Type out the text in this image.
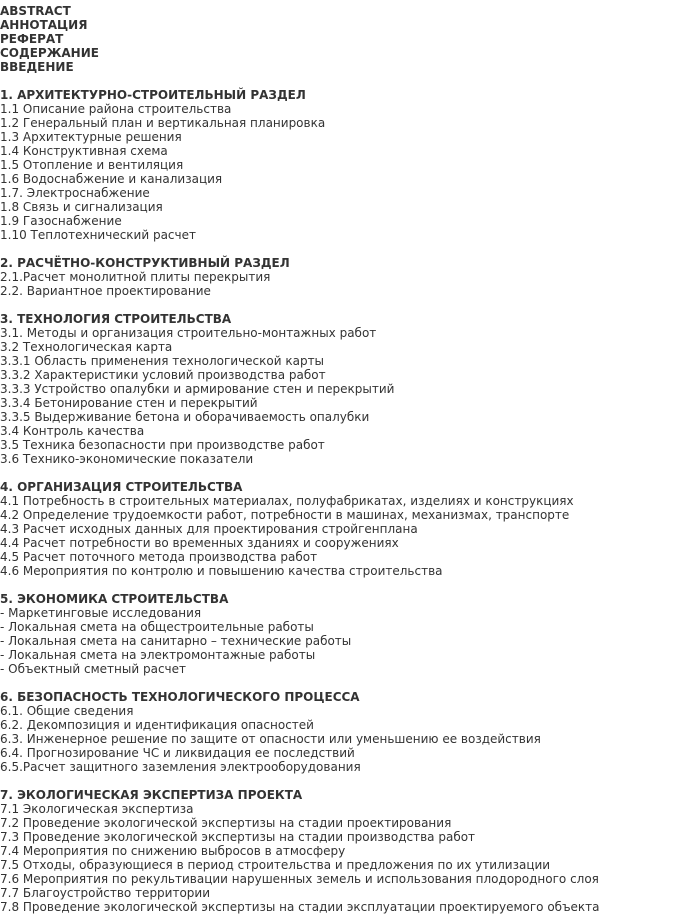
ABSTRACT
АННОТАЦИЯ
РЕФЕРАТ
СОДЕРЖАНИЕ
ВВЕДЕНИЕ
1. АРХИТЕКТУРНО-СТРОИТЕЛЬНЫЙ РАЗДЕЛ
1.1 Описание района строительства
1.2 Генеральный план и вертикальная планировка
1.3 Архитектурные решения
1.4 Конструктивная схема
1.5 Отопление и вентиляция
1.6 Водоснабжение и канализация
1.7. Электроснабжение
1.8 Связь и сигнализация
1.9 Газоснабжение
1.10 Теплотехнический расчет
2. РАСЧЁТНО-КОНСТРУКТИВНЫЙ РАЗДЕЛ
2.1.Расчет монолитной плиты перекрытия
2.2. Вариантное проектирование
3. ТЕХНОЛОГИЯ СТРОИТЕЛЬСТВА
3.1. Методы и организация строительно-монтажных работ
3.2 Технологическая карта
3.3.1 Область применения технологической карты
3.3.2 Характеристики условий производства работ
3.3.3 Устройство опалубки и армирование стен и перекрытий
3.3.4 Бетонирование стен и перекрытий
3.3.5 Выдерживание бетона и оборачиваемость опалубки
3.4 Контроль качества
3.5 Техника безопасности при производстве работ
3.6 Технико-экономические показатели
4. ОРГАНИЗАЦИЯ СТРОИТЕЛЬСТВА
4.1 Потребность в строительных материалах, полуфабрикатах, изделиях и конструкциях
4.2 Определение трудоемкости работ, потребности в машинах, механизмах, транспорте
4.3 Расчет исходных данных для проектирования стройгенплана
4.4 Расчет потребности во временных зданиях и сооружениях
4.5 Расчет поточного метода производства работ
4.6 Мероприятия по контролю и повышению качества строительства
5. ЭКОНОМИКА СТРОИТЕЛЬСТВА
- Маркетинговые исследования
- Локальная смета на общестроительные работы
- Локальная смета на санитарно – технические работы
- Локальная смета на электромонтажные работы
- Объектный сметный расчет
6. БЕЗОПАСНОСТЬ ТЕХНОЛОГИЧЕСКОГО ПРОЦЕССА
6.1. Общие сведения
6.2. Декомпозиция и идентификация опасностей
6.3. Инженерное решение по защите от опасности или уменьшению ее воздействия
6.4. Прогнозирование ЧС и ликвидация ее последствий
6.5.Расчет защитного заземления электрооборудования
7. ЭКОЛОГИЧЕСКАЯ ЭКСПЕРТИЗА ПРОЕКТА
7.1 Экологическая экспертиза
7.2 Проведение экологической экспертизы на стадии проектирования
7.3 Проведение экологической экспертизы на стадии производства работ
7.4 Мероприятия по снижению выбросов в атмосферу
7.5 Отходы, образующиеся в период строительства и предложения по их утилизации
7.6 Мероприятия по рекультивации нарушенных земель и использования плодородного слоя
7.7 Благоустройство территории
7.8 Проведение экологической экспертизы на стадии эксплуатации проектируемого объекта
